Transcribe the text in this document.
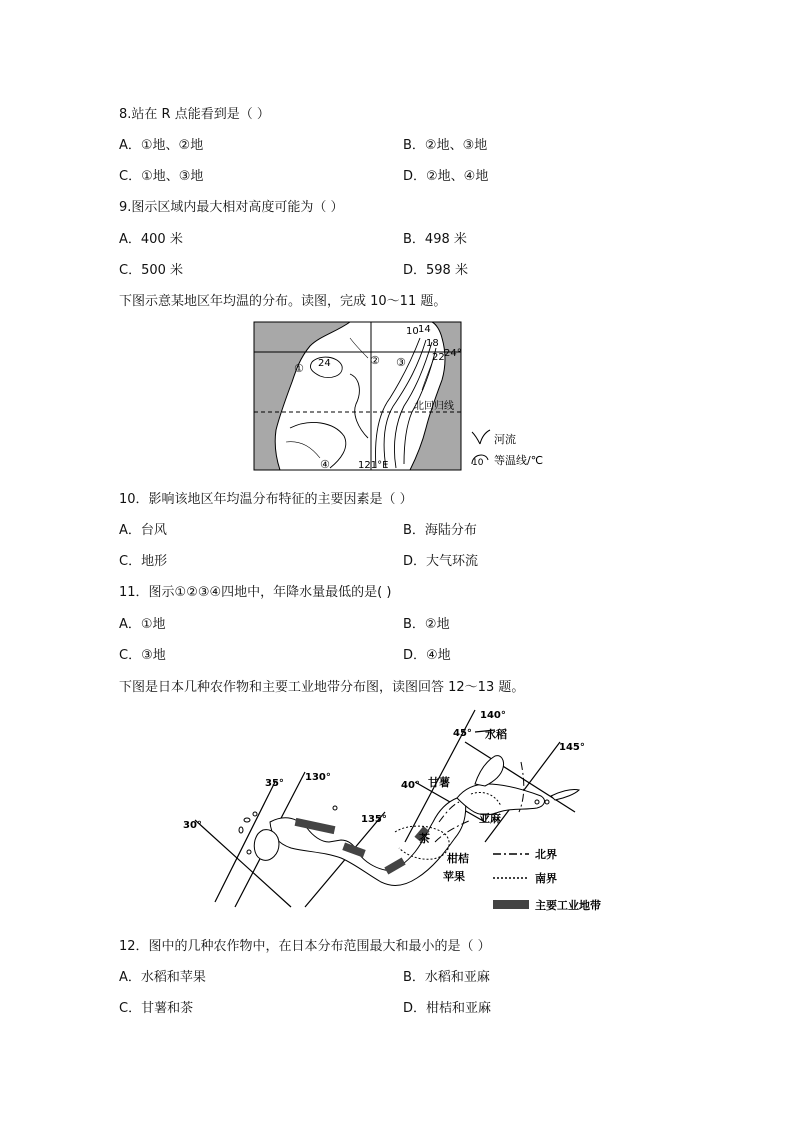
8.站在 R 点能看到是（ ）
A．①地、②地	B．②地、③地
C．①地、③地	D．②地、④地
9.图示区域内最大相对高度可能为（ ）
A．400 米	B．498 米
C．500 米	D．598 米
下图示意某地区年均温的分布。读图，完成 10～11 题。
24
10 14
18
22 24°
北回归线
121°E
①
② ③
④
河流
10 等温线/℃
10．影响该地区年均温分布特征的主要因素是（ ）
A．台风	B．海陆分布
C．地形	D．大气环流
11．图示①②③④四地中，年降水量最低的是( )
A．①地	B．②地
C．③地	D．④地
下图是日本几种农作物和主要工业地带分布图，读图回答 12～13 题。
140°
45° 水稻
145°
甘薯
40°
茶
亚麻
柑桔
苹果
130°
35°
135°
30°
北界
南界
主要工业地带
12．图中的几种农作物中，在日本分布范围最大和最小的是（ ）
A．水稻和苹果	B．水稻和亚麻
C．甘薯和茶	D．柑桔和亚麻
